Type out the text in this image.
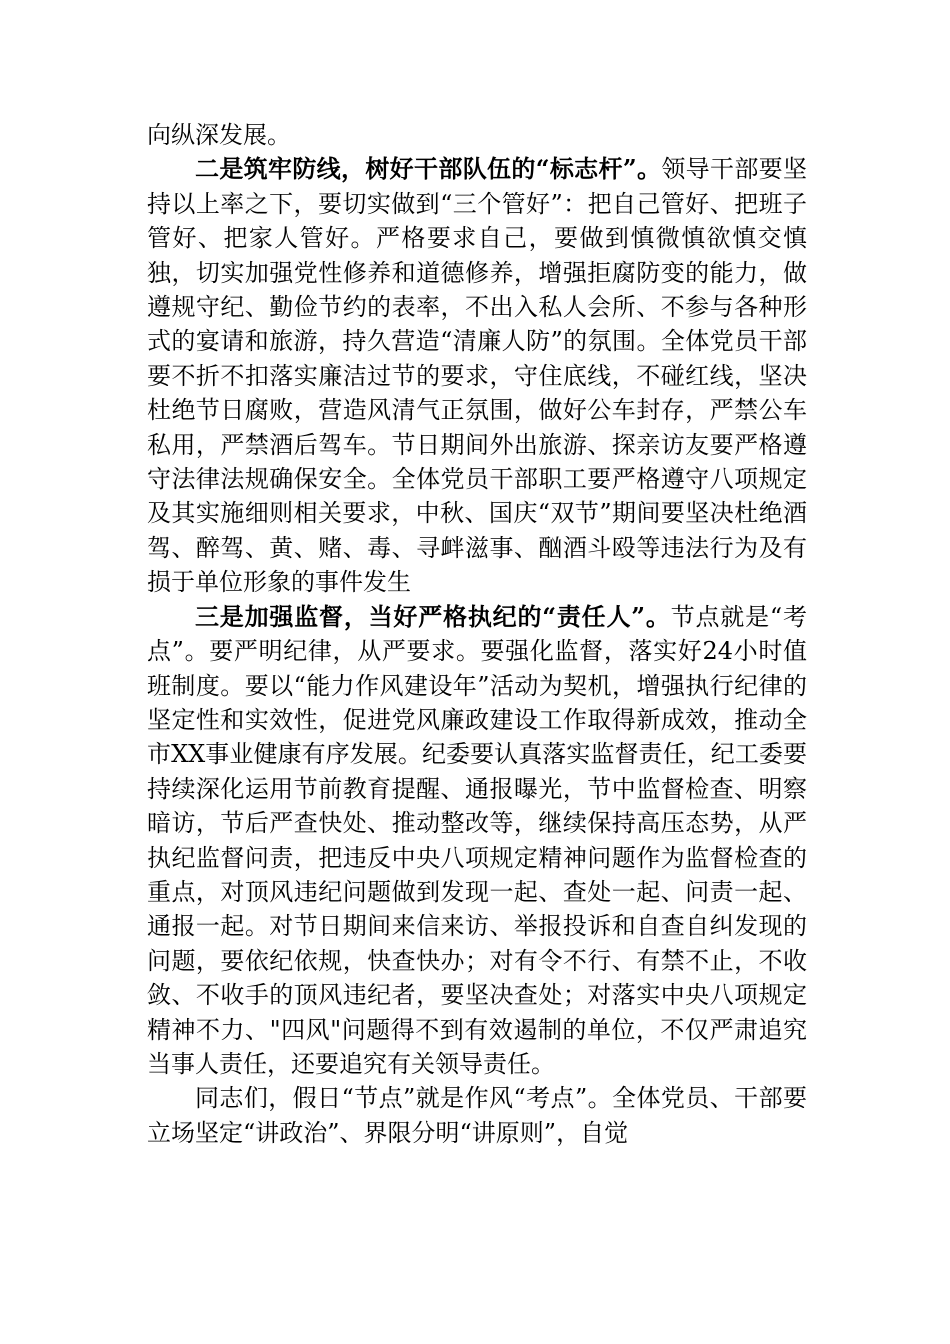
向纵深发展。

二是筑牢防线，树好干部队伍的“标志杆”。领导干部要坚持以上率之下，要切实做到“三个管好”：把自己管好、把班子管好、把家人管好。严格要求自己，要做到慎微慎欲慎交慎独，切实加强党性修养和道德修养，增强拒腐防变的能力，做遵规守纪、勤俭节约的表率，不出入私人会所、不参与各种形式的宴请和旅游，持久营造“清廉人防”的氛围。全体党员干部要不折不扣落实廉洁过节的要求，守住底线，不碰红线，坚决杜绝节日腐败，营造风清气正氛围，做好公车封存，严禁公车私用，严禁酒后驾车。节日期间外出旅游、探亲访友要严格遵守法律法规确保安全。全体党员干部职工要严格遵守八项规定及其实施细则相关要求，中秋、国庆“双节”期间要坚决杜绝酒驾、醉驾、黄、赌、毒、寻衅滋事、酗酒斗殴等违法行为及有损于单位形象的事件发生

三是加强监督，当好严格执纪的“责任人”。节点就是“考点”。要严明纪律，从严要求。要强化监督，落实好24小时值班制度。要以“能力作风建设年”活动为契机，增强执行纪律的坚定性和实效性，促进党风廉政建设工作取得新成效，推动全市XX事业健康有序发展。纪委要认真落实监督责任，纪工委要持续深化运用节前教育提醒、通报曝光，节中监督检查、明察暗访，节后严查快处、推动整改等，继续保持高压态势，从严执纪监督问责，把违反中央八项规定精神问题作为监督检查的重点，对顶风违纪问题做到发现一起、查处一起、问责一起、通报一起。对节日期间来信来访、举报投诉和自查自纠发现的问题，要依纪依规，快查快办；对有令不行、有禁不止，不收敛、不收手的顶风违纪者，要坚决查处；对落实中央八项规定精神不力、"四风"问题得不到有效遏制的单位，不仅严肃追究当事人责任，还要追究有关领导责任。

同志们，假日“节点”就是作风“考点”。全体党员、干部要立场坚定“讲政治”、界限分明“讲原则”，自觉
